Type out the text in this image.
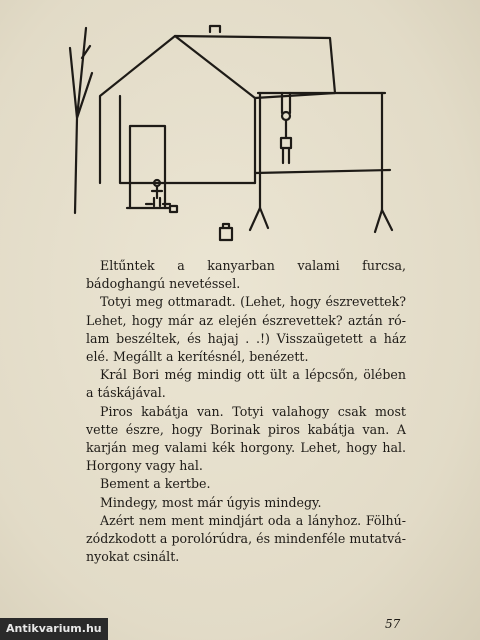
Eltűntek a kanyarban valami furcsa, bádoghangú nevetéssel.

Totyi meg ottmaradt. (Lehet, hogy észrevettek? Lehet, hogy már az elején észrevettek? aztán rólam beszéltek, és hajaj . .!) Visszaügetett a ház elé. Megállt a kerítésnél, benézett.

Král Bori még mindig ott ült a lépcsőn, ölében a táskájával.

Piros kabátja van. Totyi valahogy csak most vette észre, hogy Borinak piros kabátja van. A karján meg valami kék horgony. Lehet, hogy hal. Horgony vagy hal.

Bement a kertbe.

Mindegy, most már úgyis mindegy.

Azért nem ment mindjárt oda a lányhoz. Fölhúzódzkodott a porolórúdra, és mindenféle mutatványokat csinált.

57
Antikvarium.hu
